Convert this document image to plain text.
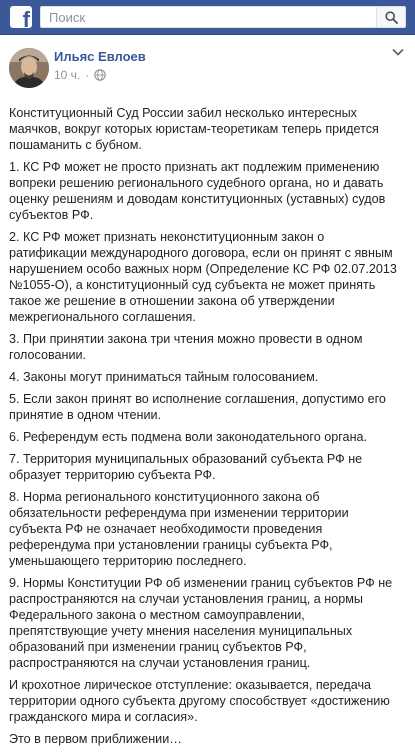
f
Поиск
Ильяс Евлоев
10 ч. ·

Конституционный Суд России забил несколько интересных маячков, вокруг которых юристам-теоретикам теперь придется пошаманить с бубном.

1. КС РФ может не просто признать акт подлежим применению вопреки решению регионального судебного органа, но и давать оценку решениям и доводам конституционных (уставных) судов субъектов РФ.

2. КС РФ может признать неконституционным закон о ратификации международного договора, если он принят с явным нарушением особо важных норм (Определение КС РФ 02.07.2013 №1055-О), а конституционный суд субъекта не может принять такое же решение в отношении закона об утверждении межрегионального соглашения.

3. При принятии закона три чтения можно провести в одном голосовании.

4. Законы могут приниматься тайным голосованием.

5. Если закон принят во исполнение соглашения, допустимо его принятие в одном чтении.

6. Референдум есть подмена воли законодательного органа.

7. Территория муниципальных образований субъекта РФ не образует территорию субъекта РФ.

8. Норма регионального конституционного закона об обязательности референдума при изменении территории субъекта РФ не означает необходимости проведения референдума при установлении границы субъекта РФ, уменьшающего территорию последнего.

9. Нормы Конституции РФ об изменении границ субъектов РФ не распространяются на случаи установления границ, а нормы Федерального закона о местном самоуправлении, препятствующие учету мнения населения муниципальных образований при изменении границ субъектов РФ, распространяются на случаи установления границ.

И крохотное лирическое отступление: оказывается, передача территории одного субъекта другому способствует «достижению гражданского мира и согласия».

Это в первом приближении…
